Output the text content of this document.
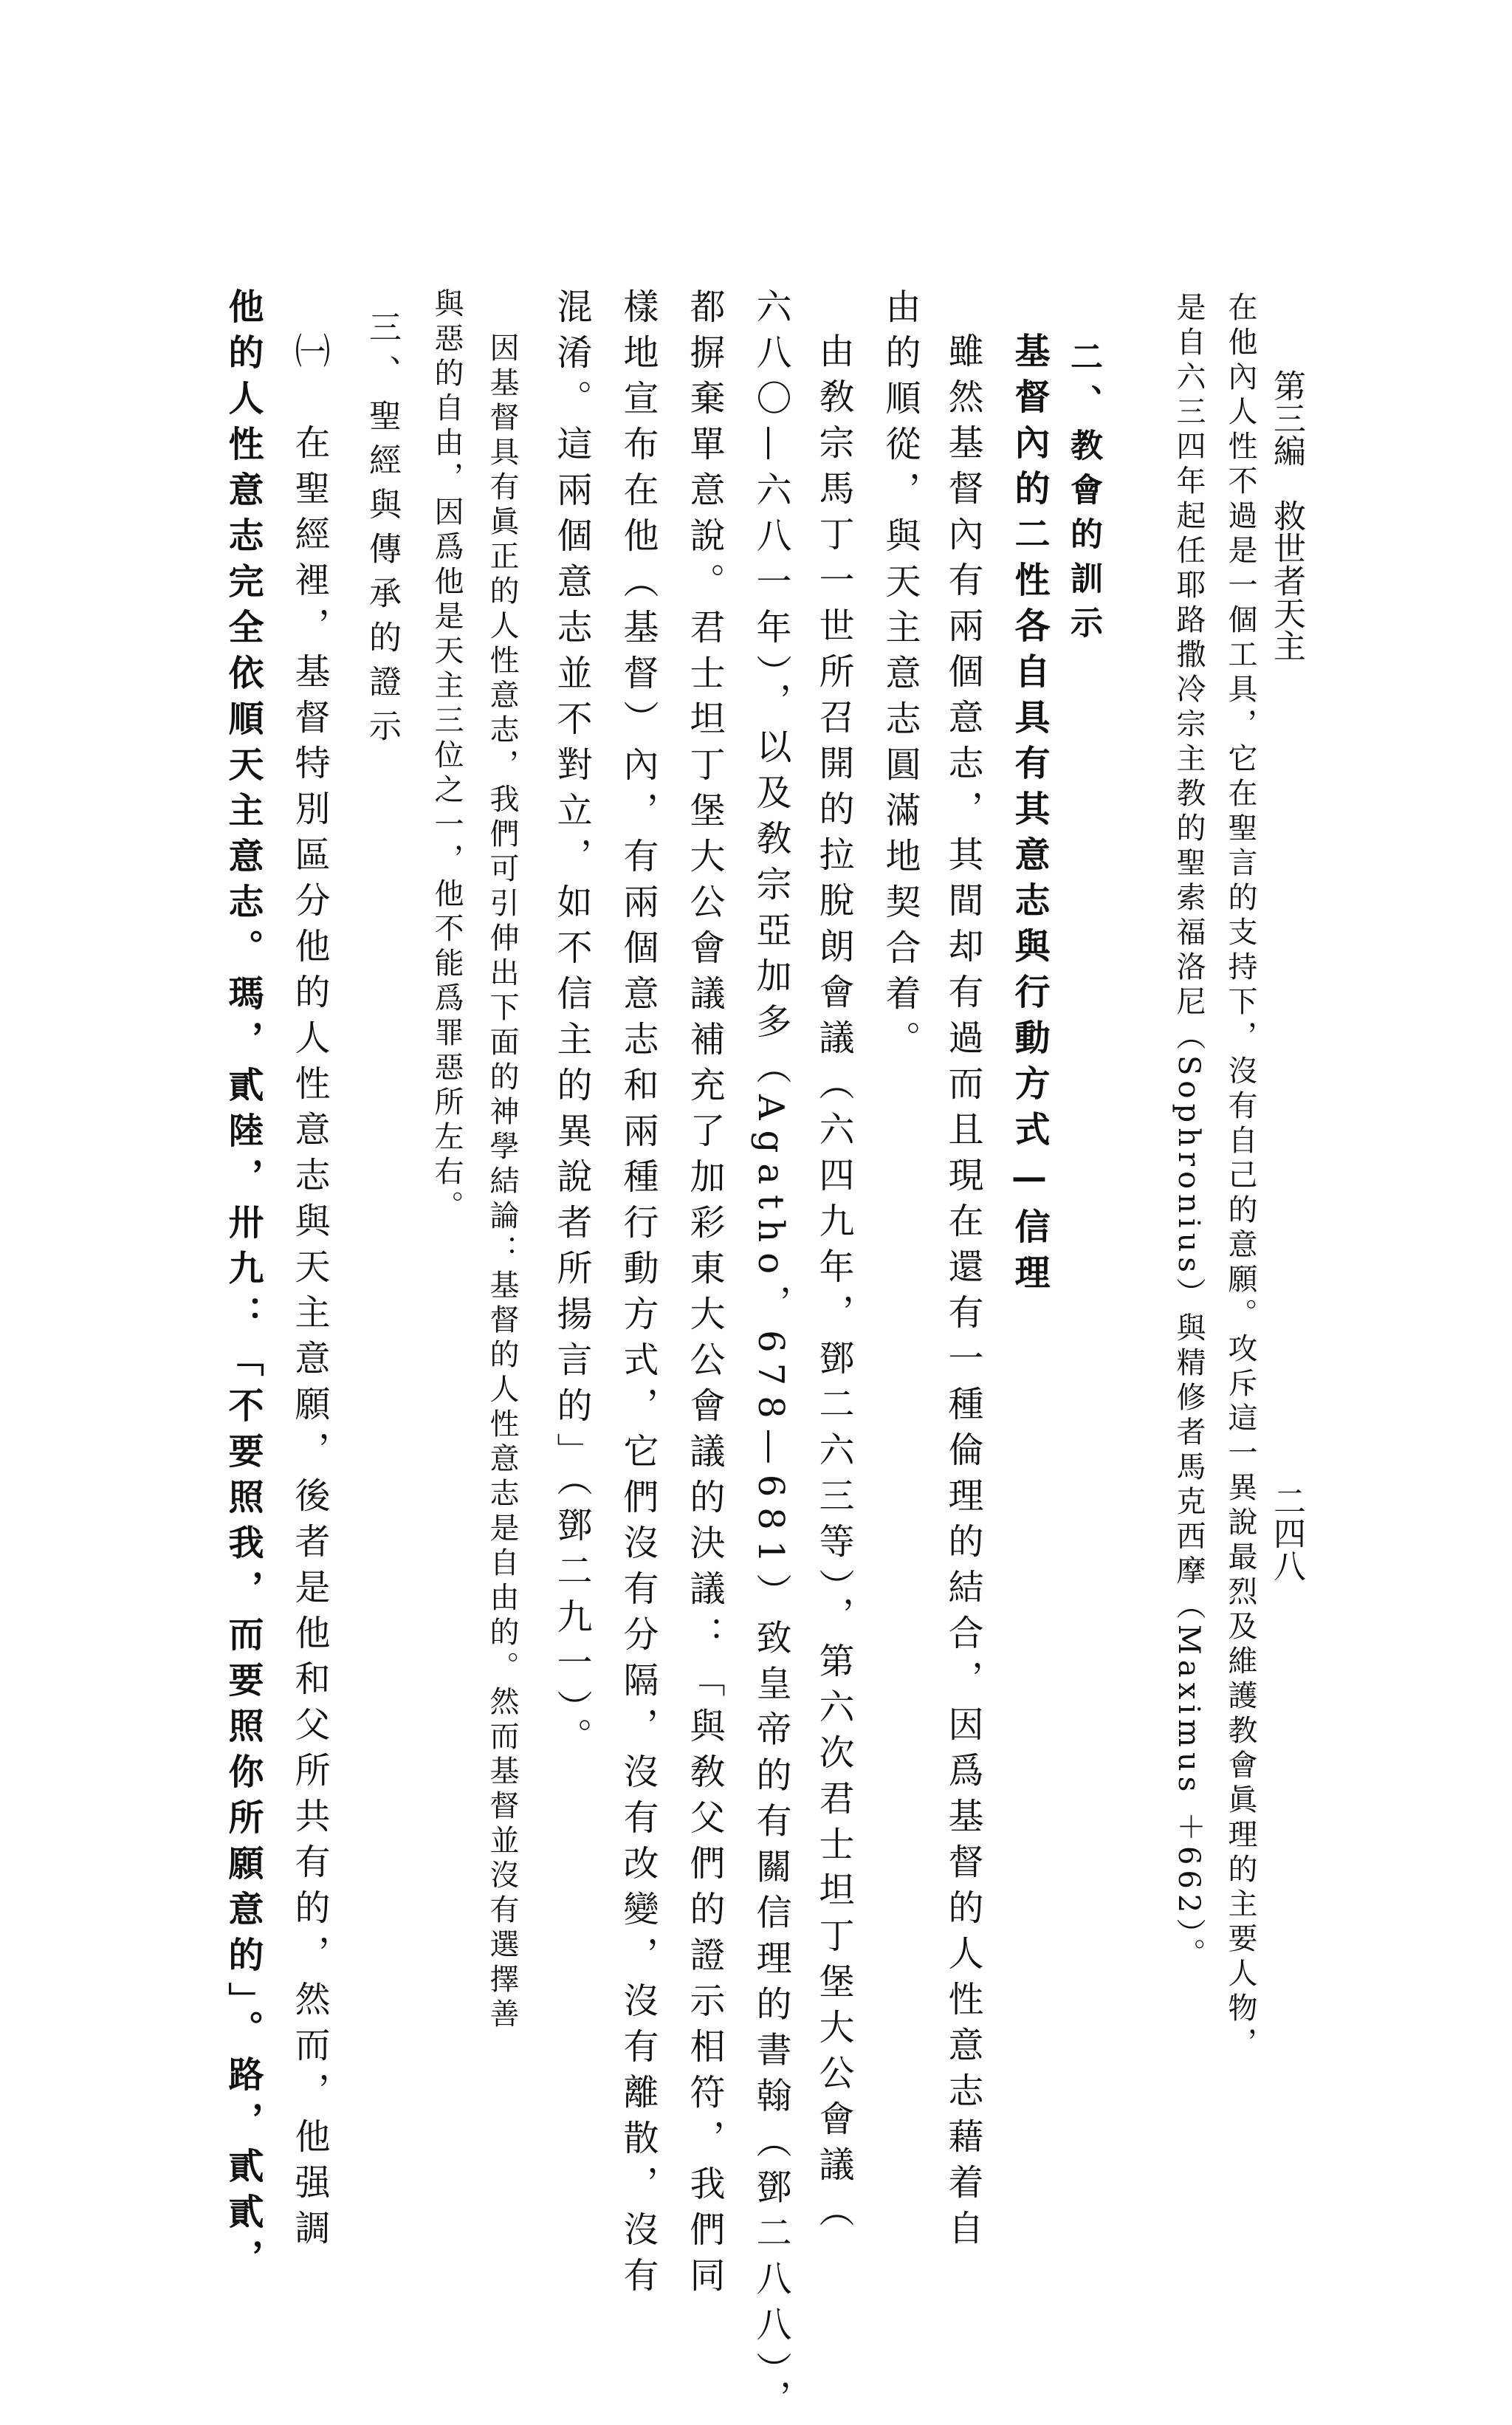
二四八
第三編　救世者天主
在他內人性不過是一個工具，它在聖言的支持下，沒有自己的意願。攻斥這一異說最烈及維護教會眞理的主要人物，
是自六三四年起任耶路撒冷宗主教的聖索福洛尼（Sophronius）與精修者馬克西摩（Maximus ＋662）。
二、教會的訓示
基督內的二性各自具有其意志與行動方式—信理
雖然基督內有兩個意志，其間却有過而且現在還有一種倫理的結合，因爲基督的人性意志藉着自
由的順從，與天主意志圓滿地契合着。
由敎宗馬丁一世所召開的拉脫朗會議（六四九年，鄧二六三等），第六次君士坦丁堡大公會議（
六八〇—六八一年），以及敎宗亞加多（Agatho，678—681）致皇帝的有關信理的書翰（鄧二八八），
都摒棄單意說。君士坦丁堡大公會議補充了加彩東大公會議的決議：「與敎父們的證示相符，我們同
樣地宣布在他（基督）內，有兩個意志和兩種行動方式，它們沒有分隔，沒有改變，沒有離散，沒有
混淆。這兩個意志並不對立，如不信主的異說者所揚言的」（鄧二九一）。
因基督具有眞正的人性意志，我們可引伸出下面的神學結論：基督的人性意志是自由的。然而基督並沒有選擇善
與惡的自由，因爲他是天主三位之一，他不能爲罪惡所左右。
三、聖經與傳承的證示
㈠　在聖經裡，基督特別區分他的人性意志與天主意願，後者是他和父所共有的，然而，他强調
他的人性意志完全依順天主意志。瑪，貳陸，卅九：「不要照我，而要照你所願意的」。路，貳貳，
